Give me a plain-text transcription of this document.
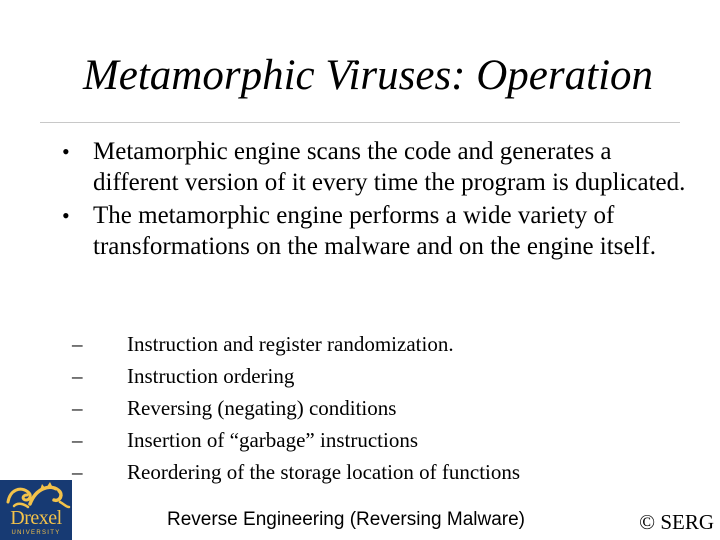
Metamorphic Viruses: Operation
• Metamorphic engine scans the code and generates a different version of it every time the program is duplicated.
• The metamorphic engine performs a wide variety of transformations on the malware and on the engine itself.
– Instruction and register randomization.
– Instruction ordering
– Reversing (negating) conditions
– Insertion of “garbage” instructions
– Reordering of the storage location of functions
Drexel
UNIVERSITY
Reverse Engineering (Reversing Malware)	© SERG
